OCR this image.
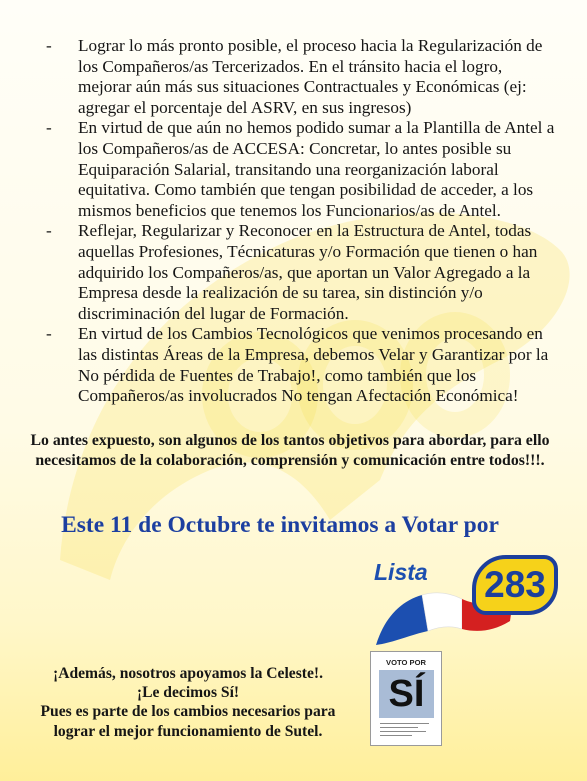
- Lograr lo más pronto posible, el proceso hacia la Regularización de los Compañeros/as Tercerizados. En el tránsito hacia el logro, mejorar aún más sus situaciones Contractuales y Económicas (ej: agregar el porcentaje del ASRV, en sus ingresos)
- En virtud de que aún no hemos podido sumar a la Plantilla de Antel a los Compañeros/as de ACCESA: Concretar, lo antes posible su Equiparación Salarial, transitando una reorganización laboral equitativa. Como también que tengan posibilidad de acceder, a los mismos beneficios que tenemos los Funcionarios/as de Antel.
- Reflejar, Regularizar y Reconocer en la Estructura de Antel, todas aquellas Profesiones, Técnicaturas y/o Formación que tienen o han adquirido los Compañeros/as, que aportan un Valor Agregado a la Empresa desde la realización de su tarea, sin distinción y/o discriminación del lugar de Formación.
- En virtud de los Cambios Tecnológicos que venimos procesando en las distintas Áreas de la Empresa, debemos Velar y Garantizar por la No pérdida de Fuentes de Trabajo!, como también que los Compañeros/as involucrados No tengan Afectación Económica!

Lo antes expuesto, son algunos de los tantos objetivos para abordar, para ello necesitamos de la colaboración, comprensión y comunicación entre todos!!!.

Este 11 de Octubre te invitamos a Votar por

Lista 283
¡Además, nosotros apoyamos la Celeste!.
¡Le decimos Sí!
Pues es parte de los cambios necesarios para
lograr el mejor funcionamiento de Sutel.
VOTO POR
SÍ
